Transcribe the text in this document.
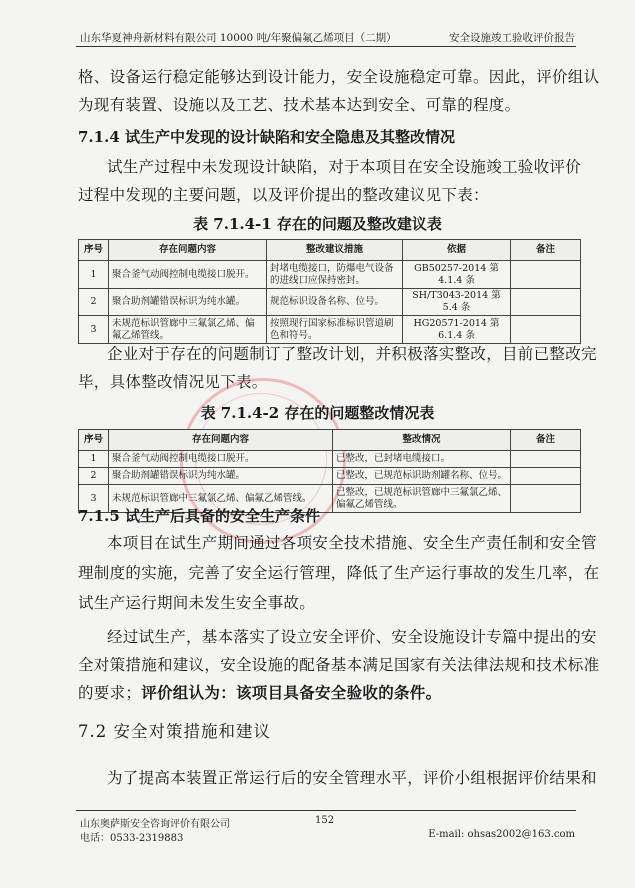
山东华夏神舟新材料有限公司 10000 吨/年聚偏氟乙烯项目（二期）	安全设施竣工验收评价报告
格、设备运行稳定能够达到设计能力，安全设施稳定可靠。因此，评价组认
为现有装置、设施以及工艺、技术基本达到安全、可靠的程度。
7.1.4 试生产中发现的设计缺陷和安全隐患及其整改情况
试生产过程中未发现设计缺陷，对于本项目在安全设施竣工验收评价
过程中发现的主要问题，以及评价提出的整改建议见下表：
表 7.1.4-1 存在的问题及整改建议表
序号	存在问题内容	整改建议措施	依据	备注
1	聚合釜气动阀控制电缆接口脱开。	封堵电缆接口，防爆电气设备的进线口应保持密封。	GB50257-2014 第 4.1.4 条	
2	聚合助剂罐错误标识为纯水罐。	规范标识设备名称、位号。	SH/T3043-2014 第 5.4 条	
3	未规范标识管廊中三氟氯乙烯、偏氟乙烯管线。	按照现行国家标准标识管道刷色和符号。	HG20571-2014 第 6.1.4 条	
企业对于存在的问题制订了整改计划，并积极落实整改，目前已整改完
毕，具体整改情况见下表。
表 7.1.4-2 存在的问题整改情况表
序号	存在问题内容	整改情况	备注
1	聚合釜气动阀控制电缆接口脱开。	已整改，已封堵电缆接口。	
2	聚合助剂罐错误标识为纯水罐。	已整改，已规范标识助剂罐名称、位号。	
3	未规范标识管廊中三氟氯乙烯、偏氟乙烯管线。	已整改，已规范标识管廊中三氟氯乙烯、偏氟乙烯管线。	
7.1.5 试生产后具备的安全生产条件
本项目在试生产期间通过各项安全技术措施、安全生产责任制和安全管
理制度的实施，完善了安全运行管理，降低了生产运行事故的发生几率，在
试生产运行期间未发生安全事故。
经过试生产，基本落实了设立安全评价、安全设施设计专篇中提出的安
全对策措施和建议，安全设施的配备基本满足国家有关法律法规和技术标准
的要求；评价组认为：该项目具备安全验收的条件。
7.2 安全对策措施和建议
为了提高本装置正常运行后的安全管理水平，评价小组根据评价结果和
山东奥萨斯安全咨询评价有限公司	152
电话：0533-2319883	E-mail: ohsas2002@163.com
